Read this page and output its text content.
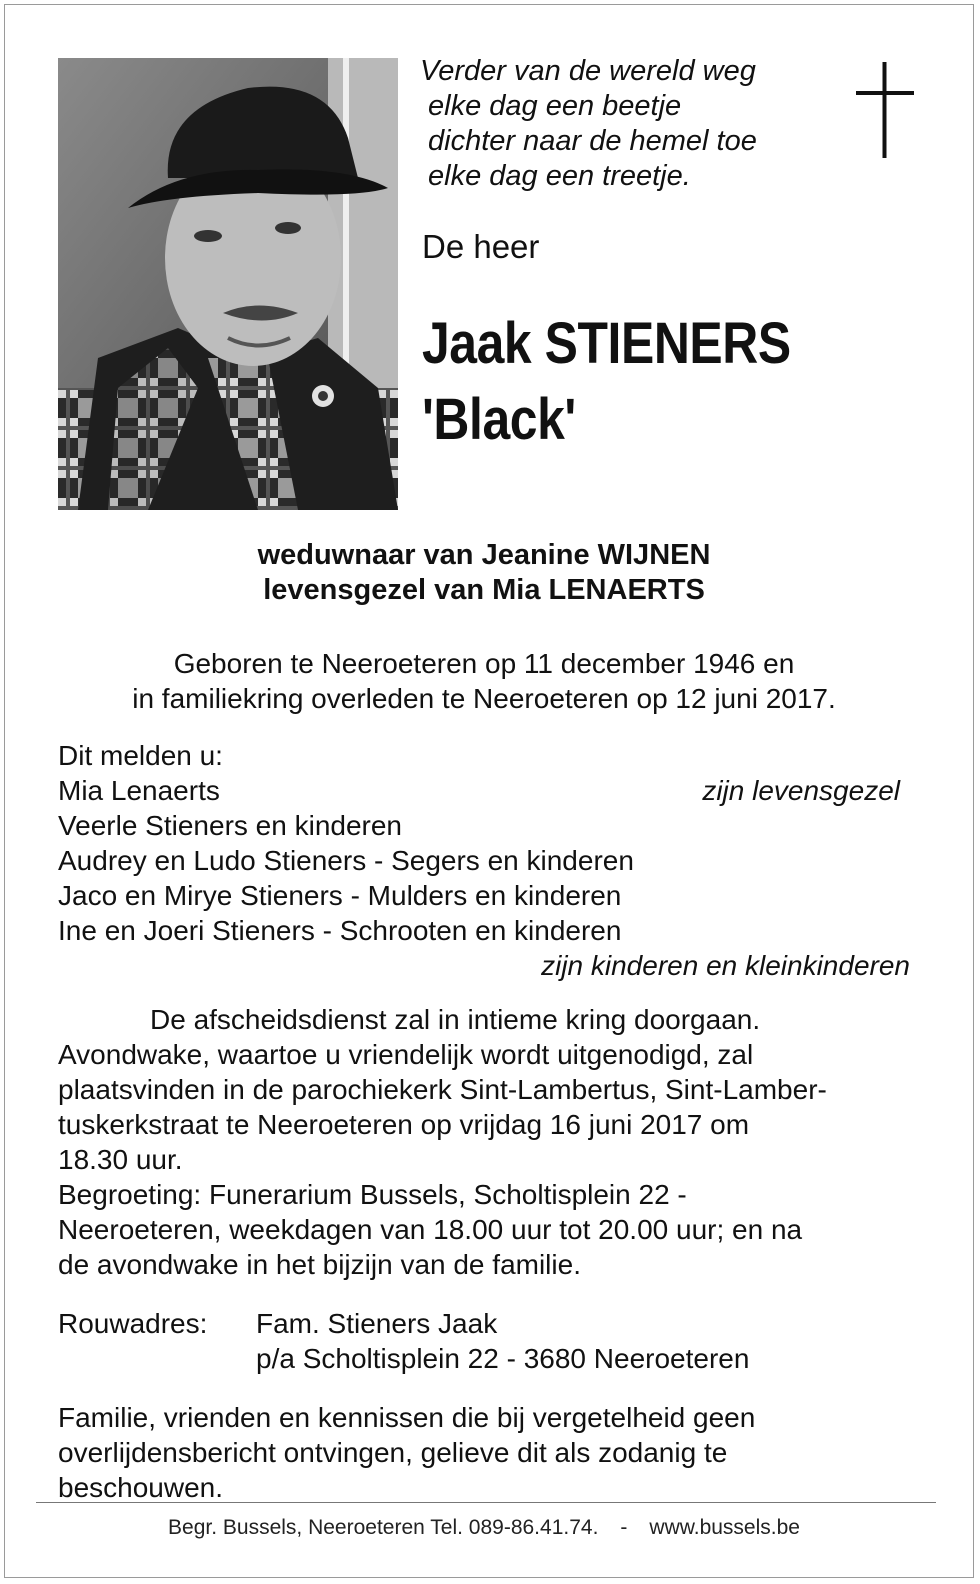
Verder van de wereld weg
elke dag een beetje
dichter naar de hemel toe
elke dag een treetje.
De heer
Jaak STIENERS
'Black'
weduwnaar van Jeanine WIJNEN
levensgezel van Mia LENAERTS
Geboren te Neeroeteren op 11 december 1946 en
in familiekring overleden te Neeroeteren op 12 juni 2017.
Dit melden u:
Mia Lenaerts	zijn levensgezel
Veerle Stieners en kinderen
Audrey en Ludo Stieners - Segers en kinderen
Jaco en Mirye Stieners - Mulders en kinderen
Ine en Joeri Stieners - Schrooten en kinderen
zijn kinderen en kleinkinderen
De afscheidsdienst zal in intieme kring doorgaan.
Avondwake, waartoe u vriendelijk wordt uitgenodigd, zal
plaatsvinden in de parochiekerk Sint-Lambertus, Sint-Lamber-
tuskerkstraat te Neeroeteren op vrijdag 16 juni 2017 om
18.30 uur.
Begroeting: Funerarium Bussels, Scholtisplein 22 -
Neeroeteren, weekdagen van 18.00 uur tot 20.00 uur; en na
de avondwake in het bijzijn van de familie.
Rouwadres: Fam. Stieners Jaak
p/a Scholtisplein 22 - 3680 Neeroeteren
Familie, vrienden en kennissen die bij vergetelheid geen
overlijdensbericht ontvingen, gelieve dit als zodanig te
beschouwen.
Begr. Bussels, Neeroeteren Tel. 089-86.41.74. - www.bussels.be
